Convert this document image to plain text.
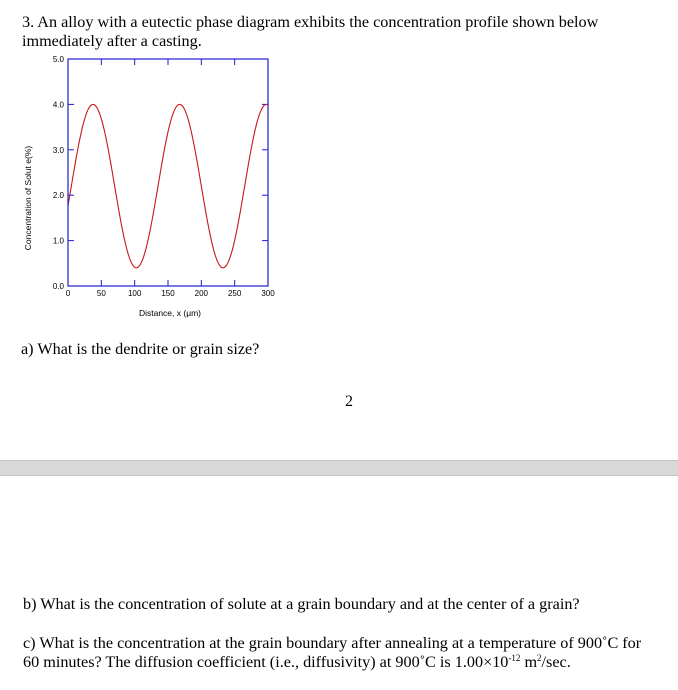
3. An alloy with a eutectic phase diagram exhibits the concentration profile shown below

immediately after a casting.

0.0
1.0
2.0
3.0
4.0
5.0
0	50	100 150 200 250 300
Distance, x (μm)
Concentration of Solut e(%)

a) What is the dendrite or grain size?

2

b) What is the concentration of solute at a grain boundary and at the center of a grain?

c) What is the concentration at the grain boundary after annealing at a temperature of 900˚C for

60 minutes? The diffusion coefficient (i.e., diffusivity) at 900˚C is $1.00\times 10^{-12}$ $m^2/\sec$.
